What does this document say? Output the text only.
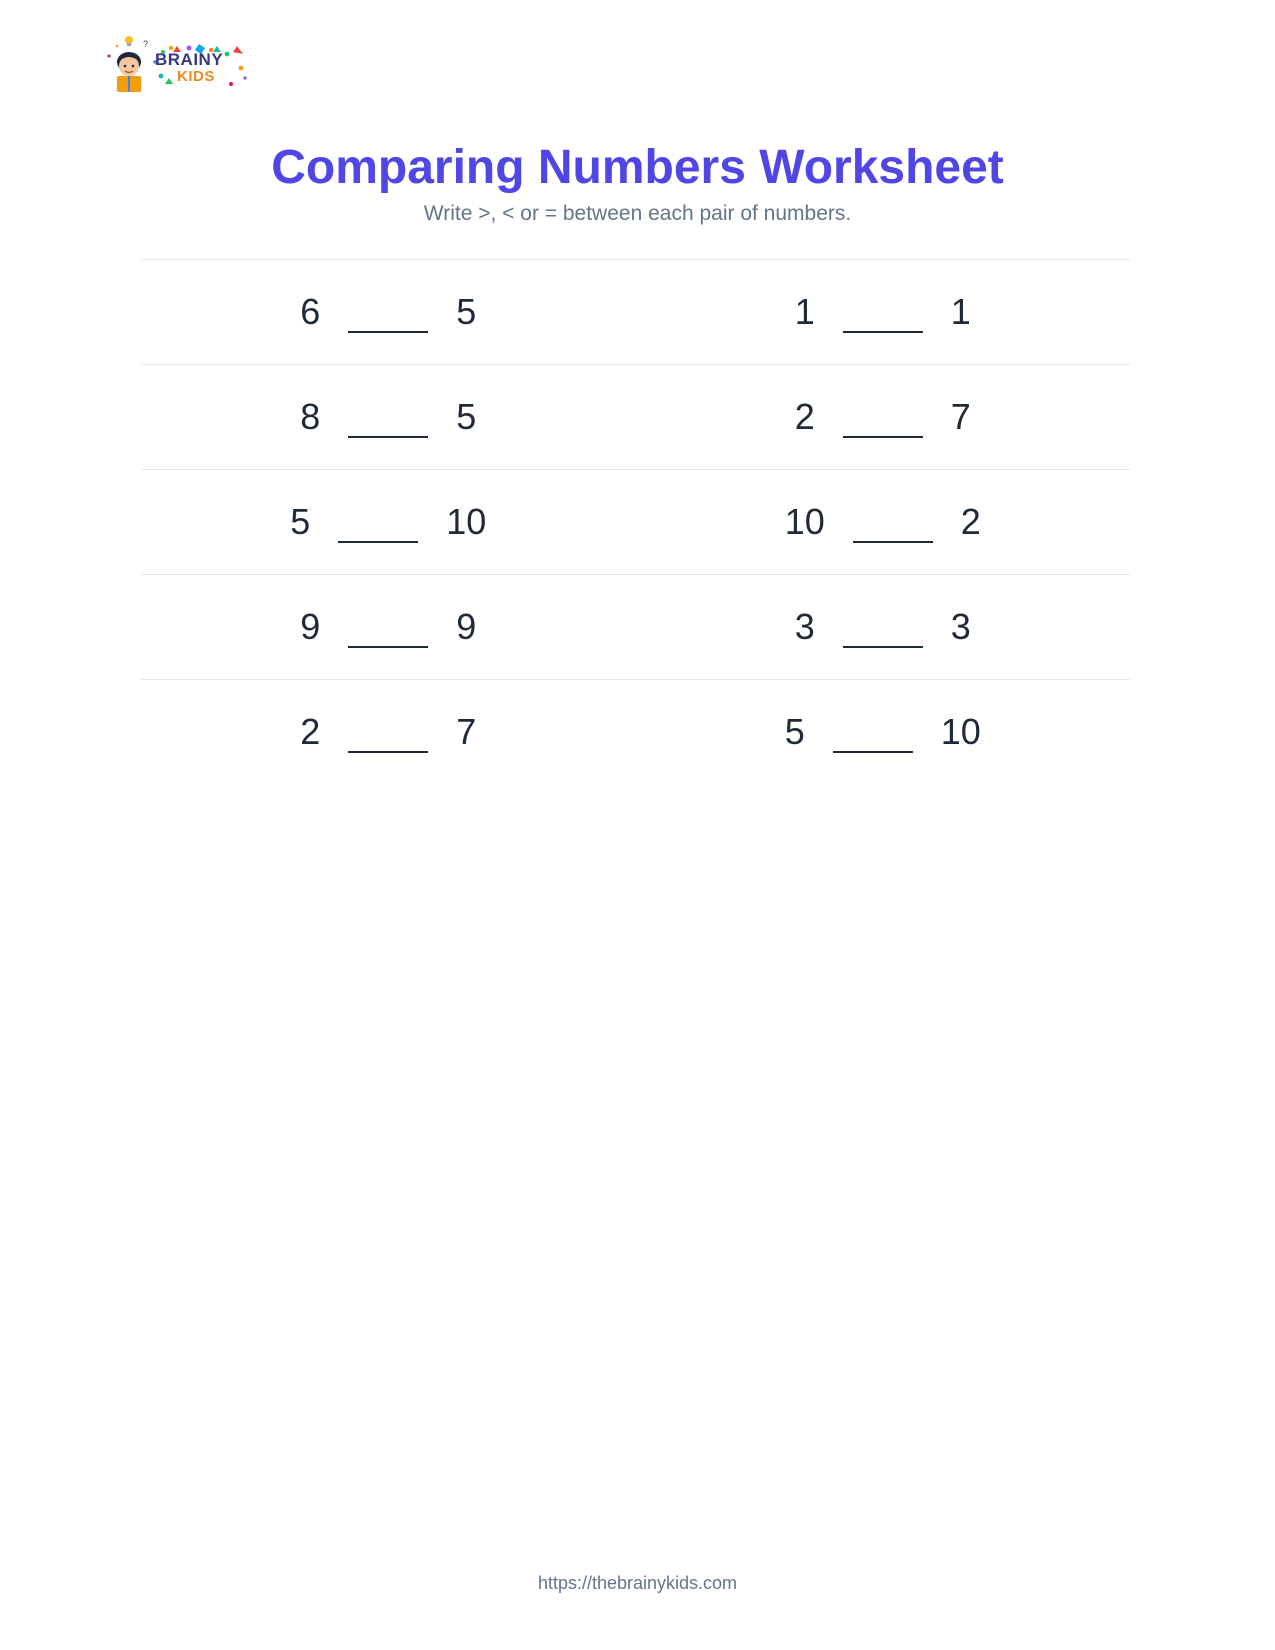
?
BRAINY
KIDS
Comparing Numbers Worksheet
Write >, < or = between each pair of numbers.
6	5	1	1
8	5	2	7
5	10	10	2
9	9	3	3
2	7	5	10
https://thebrainykids.com
